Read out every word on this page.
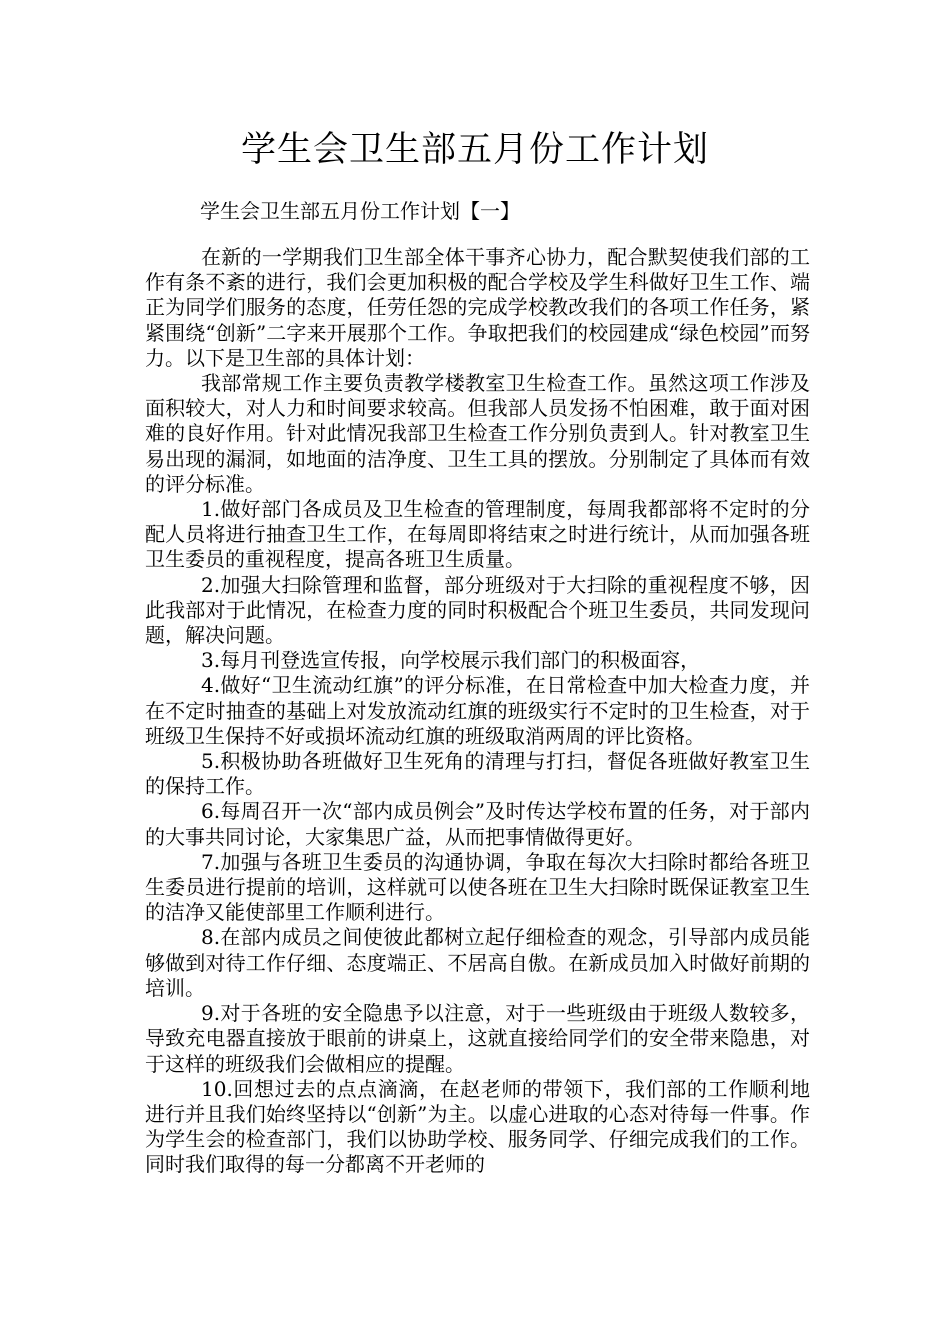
学生会卫生部五月份工作计划

学生会卫生部五月份工作计划【一】

在新的一学期我们卫生部全体干事齐心协力，配合默契使我们部的工作有条不紊的进行，我们会更加积极的配合学校及学生科做好卫生工作、端正为同学们服务的态度，任劳任怨的完成学校教改我们的各项工作任务，紧紧围绕“创新”二字来开展那个工作。争取把我们的校园建成“绿色校园”而努力。以下是卫生部的具体计划：

我部常规工作主要负责教学楼教室卫生检查工作。虽然这项工作涉及面积较大，对人力和时间要求较高。但我部人员发扬不怕困难，敢于面对困难的良好作用。针对此情况我部卫生检查工作分别负责到人。针对教室卫生易出现的漏洞，如地面的洁净度、卫生工具的摆放。分别制定了具体而有效的评分标准。

1.做好部门各成员及卫生检查的管理制度，每周我都部将不定时的分配人员将进行抽查卫生工作，在每周即将结束之时进行统计，从而加强各班卫生委员的重视程度，提高各班卫生质量。

2.加强大扫除管理和监督，部分班级对于大扫除的重视程度不够，因此我部对于此情况，在检查力度的同时积极配合个班卫生委员，共同发现问题，解决问题。

3.每月刊登选宣传报，向学校展示我们部门的积极面容，

4.做好“卫生流动红旗”的评分标准，在日常检查中加大检查力度，并在不定时抽查的基础上对发放流动红旗的班级实行不定时的卫生检查，对于班级卫生保持不好或损坏流动红旗的班级取消两周的评比资格。

5.积极协助各班做好卫生死角的清理与打扫，督促各班做好教室卫生的保持工作。

6.每周召开一次“部内成员例会”及时传达学校布置的任务，对于部内的大事共同讨论，大家集思广益，从而把事情做得更好。

7.加强与各班卫生委员的沟通协调，争取在每次大扫除时都给各班卫生委员进行提前的培训，这样就可以使各班在卫生大扫除时既保证教室卫生的洁净又能使部里工作顺利进行。

8.在部内成员之间使彼此都树立起仔细检查的观念，引导部内成员能够做到对待工作仔细、态度端正、不居高自傲。在新成员加入时做好前期的培训。

9.对于各班的安全隐患予以注意，对于一些班级由于班级人数较多，导致充电器直接放于眼前的讲桌上，这就直接给同学们的安全带来隐患，对于这样的班级我们会做相应的提醒。

10.回想过去的点点滴滴，在赵老师的带领下，我们部的工作顺利地进行并且我们始终坚持以“创新”为主。以虚心进取的心态对待每一件事。作为学生会的检查部门，我们以协助学校、服务同学、仔细完成我们的工作。同时我们取得的每一分都离不开老师的
